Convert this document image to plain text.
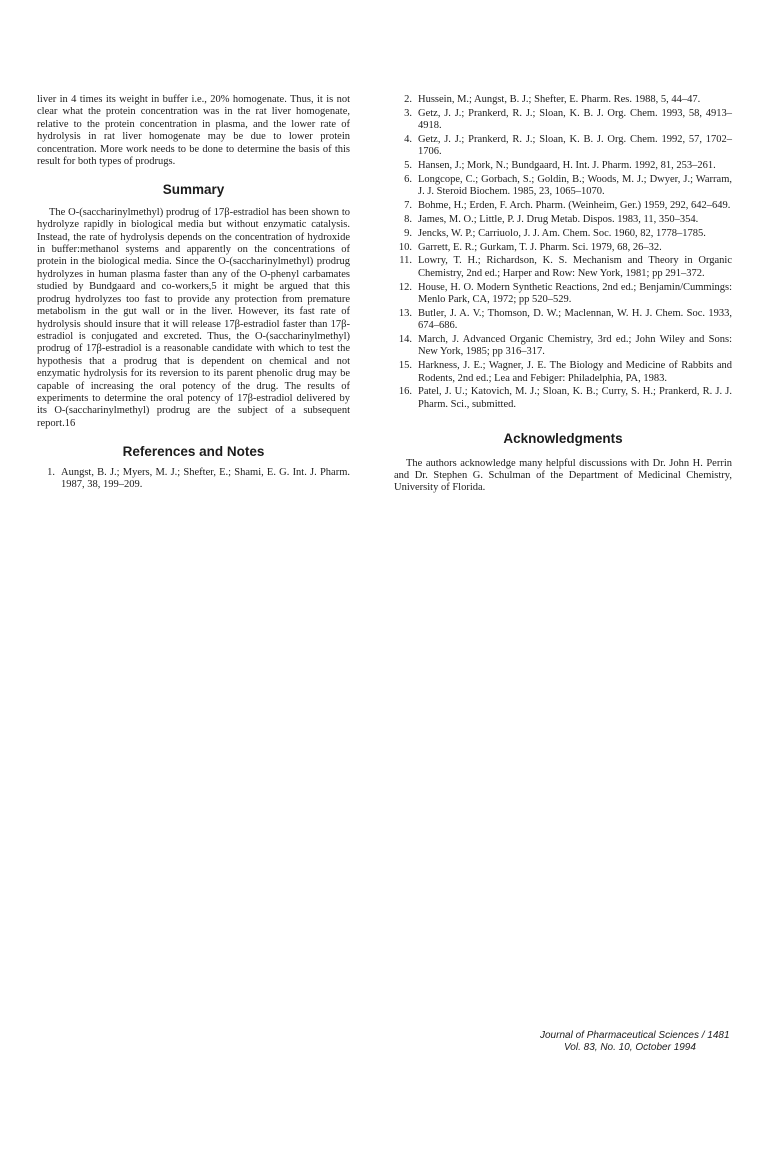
liver in 4 times its weight in buffer i.e., 20% homogenate. Thus, it is not clear what the protein concentration was in the rat liver homogenate, relative to the protein concentration in plasma, and the lower rate of hydrolysis in rat liver homogenate may be due to lower protein concentration. More work needs to be done to determine the basis of this result for both types of prodrugs.

Summary

The O-(saccharinylmethyl) prodrug of 17β-estradiol has been shown to hydrolyze rapidly in biological media but without enzymatic catalysis. Instead, the rate of hydrolysis depends on the concentration of hydroxide in buffer:methanol systems and apparently on the concentrations of protein in the biological media. Since the O-(saccharinylmethyl) prodrug hydrolyzes in human plasma faster than any of the O-phenyl carbamates studied by Bundgaard and co-workers,5 it might be argued that this prodrug hydrolyzes too fast to provide any protection from premature metabolism in the gut wall or in the liver. However, its fast rate of hydrolysis should insure that it will release 17β-estradiol faster than 17β-estradiol is conjugated and excreted. Thus, the O-(saccharinylmethyl) prodrug of 17β-estradiol is a reasonable candidate with which to test the hypothesis that a prodrug that is dependent on chemical and not enzymatic hydrolysis for its reversion to its parent phenolic drug may be capable of increasing the oral potency of the drug. The results of experiments to determine the oral potency of 17β-estradiol delivered by its O-(saccharinylmethyl) prodrug are the subject of a subsequent report.16

References and Notes
1. Aungst, B. J.; Myers, M. J.; Shefter, E.; Shami, E. G. Int. J. Pharm. 1987, 38, 199–209.
2. Hussein, M.; Aungst, B. J.; Shefter, E. Pharm. Res. 1988, 5, 44–47.
3. Getz, J. J.; Prankerd, R. J.; Sloan, K. B. J. Org. Chem. 1993, 58, 4913–4918.
4. Getz, J. J.; Prankerd, R. J.; Sloan, K. B. J. Org. Chem. 1992, 57, 1702–1706.
5. Hansen, J.; Mork, N.; Bundgaard, H. Int. J. Pharm. 1992, 81, 253–261.
6. Longcope, C.; Gorbach, S.; Goldin, B.; Woods, M. J.; Dwyer, J.; Warram, J. J. Steroid Biochem. 1985, 23, 1065–1070.
7. Bohme, H.; Erden, F. Arch. Pharm. (Weinheim, Ger.) 1959, 292, 642–649.
8. James, M. O.; Little, P. J. Drug Metab. Dispos. 1983, 11, 350–354.
9. Jencks, W. P.; Carriuolo, J. J. Am. Chem. Soc. 1960, 82, 1778–1785.
10. Garrett, E. R.; Gurkam, T. J. Pharm. Sci. 1979, 68, 26–32.
11. Lowry, T. H.; Richardson, K. S. Mechanism and Theory in Organic Chemistry, 2nd ed.; Harper and Row: New York, 1981; pp 291–372.
12. House, H. O. Modern Synthetic Reactions, 2nd ed.; Benjamin/Cummings: Menlo Park, CA, 1972; pp 520–529.
13. Butler, J. A. V.; Thomson, D. W.; Maclennan, W. H. J. Chem. Soc. 1933, 674–686.
14. March, J. Advanced Organic Chemistry, 3rd ed.; John Wiley and Sons: New York, 1985; pp 316–317.
15. Harkness, J. E.; Wagner, J. E. The Biology and Medicine of Rabbits and Rodents, 2nd ed.; Lea and Febiger: Philadelphia, PA, 1983.
16. Patel, J. U.; Katovich, M. J.; Sloan, K. B.; Curry, S. H.; Prankerd, R. J. J. Pharm. Sci., submitted.
Acknowledgments

The authors acknowledge many helpful discussions with Dr. John H. Perrin and Dr. Stephen G. Schulman of the Department of Medicinal Chemistry, University of Florida.

Journal of Pharmaceutical Sciences / 1481
Vol. 83, No. 10, October 1994
